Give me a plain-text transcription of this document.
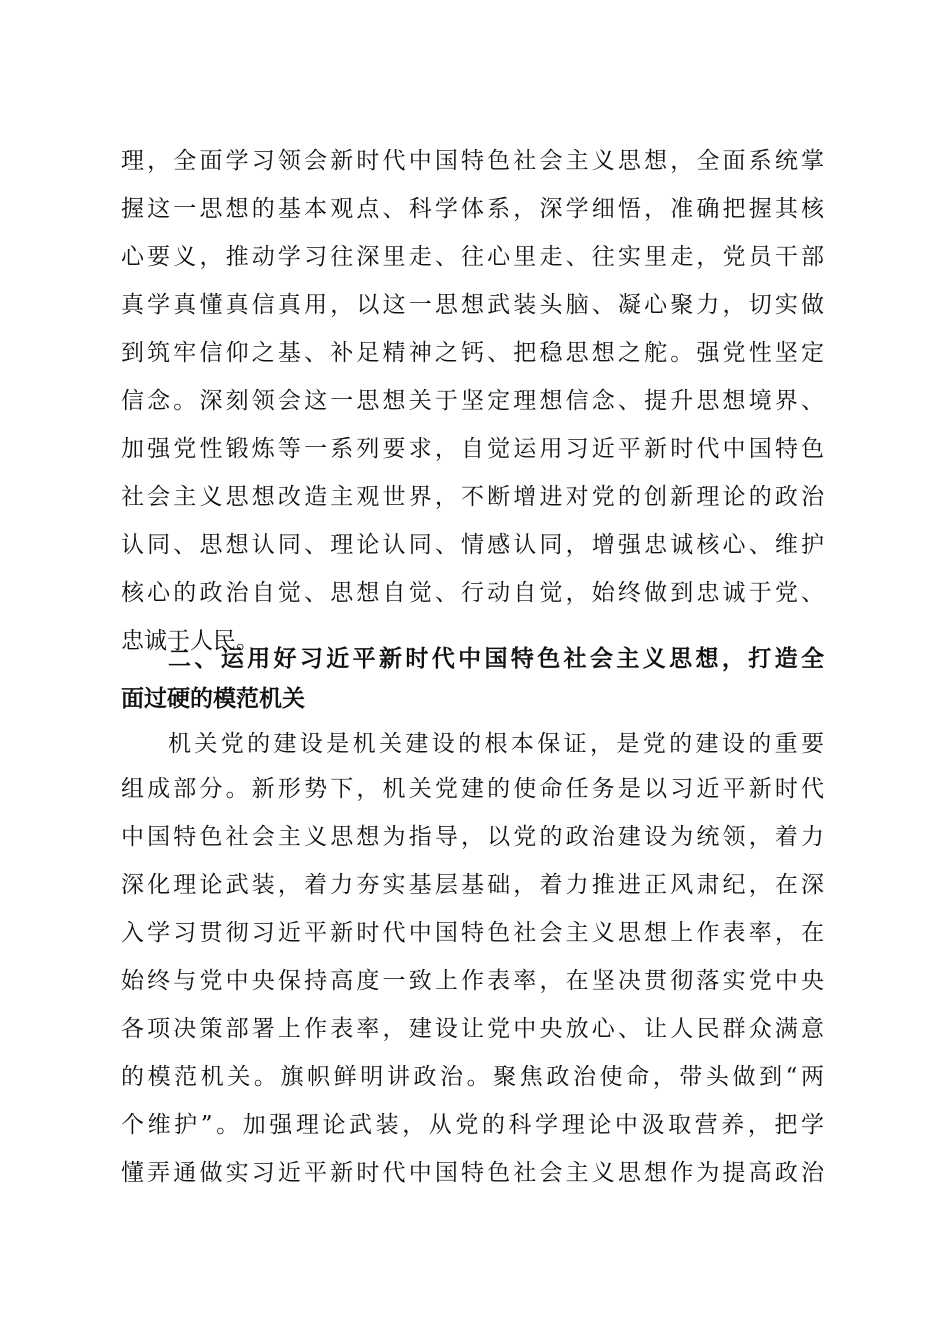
理，全面学习领会新时代中国特色社会主义思想，全面系统掌
握这一思想的基本观点、科学体系，深学细悟，准确把握其核
心要义，推动学习往深里走、往心里走、往实里走，党员干部
真学真懂真信真用，以这一思想武装头脑、凝心聚力，切实做
到筑牢信仰之基、补足精神之钙、把稳思想之舵。强党性坚定
信念。深刻领会这一思想关于坚定理想信念、提升思想境界、
加强党性锻炼等一系列要求，自觉运用习近平新时代中国特色
社会主义思想改造主观世界，不断增进对党的创新理论的政治
认同、思想认同、理论认同、情感认同，增强忠诚核心、维护
核心的政治自觉、思想自觉、行动自觉，始终做到忠诚于党、
忠诚于人民。
二、运用好习近平新时代中国特色社会主义思想，打造全
面过硬的模范机关
机关党的建设是机关建设的根本保证，是党的建设的重要
组成部分。新形势下，机关党建的使命任务是以习近平新时代
中国特色社会主义思想为指导，以党的政治建设为统领，着力
深化理论武装，着力夯实基层基础，着力推进正风肃纪，在深
入学习贯彻习近平新时代中国特色社会主义思想上作表率，在
始终与党中央保持高度一致上作表率，在坚决贯彻落实党中央
各项决策部署上作表率，建设让党中央放心、让人民群众满意
的模范机关。旗帜鲜明讲政治。聚焦政治使命，带头做到“两
个维护”。加强理论武装，从党的科学理论中汲取营养，把学
懂弄通做实习近平新时代中国特色社会主义思想作为提高政治
